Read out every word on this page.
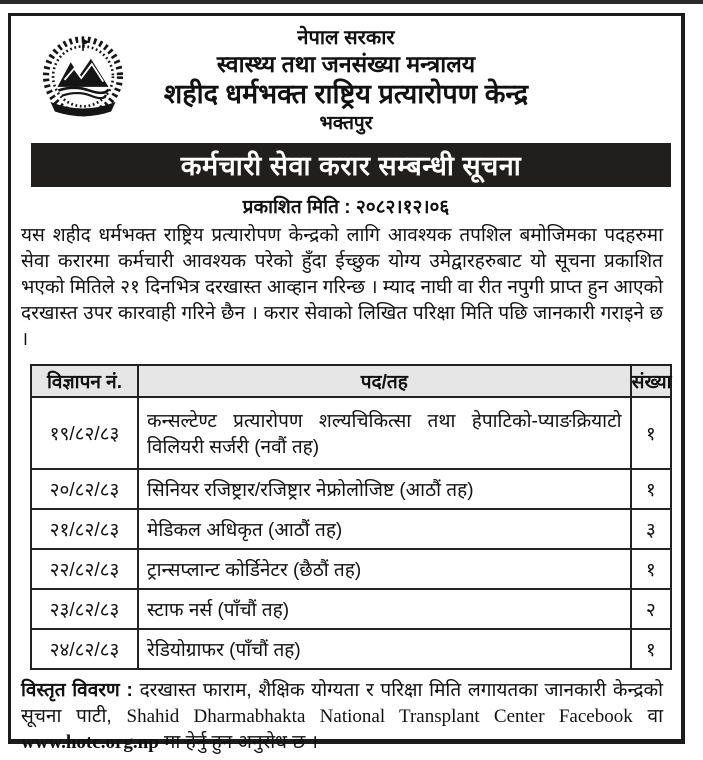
नेपाल सरकार
स्वास्थ्य तथा जनसंख्या मन्त्रालय
शहीद धर्मभक्त राष्ट्रिय प्रत्यारोपण केन्द्र
भक्तपुर
कर्मचारी सेवा करार सम्बन्धी सूचना
प्रकाशित मिति : २०८२।१२।०६

यस शहीद धर्मभक्त राष्ट्रिय प्रत्यारोपण केन्द्रको लागि आवश्यक तपशिल बमोजिमका पदहरुमा सेवा करारमा कर्मचारी आवश्यक परेको हुँदा ईच्छुक योग्य उमेद्वारहरुबाट यो सूचना प्रकाशित भएको मितिले २१ दिनभित्र दरखास्त आव्हान गरिन्छ । म्याद नाघी वा रीत नपुगी प्राप्त हुन आएको दरखास्त उपर कारवाही गरिने छैन । करार सेवाको लिखित परिक्षा मिति पछि जानकारी गराइने छ ।

विज्ञापन नं.	पद/तह	संख्या
१९/८२/८३	कन्सल्टेण्ट प्रत्यारोपण शल्यचिकित्सा तथा हेपाटिको-प्याङक्रियाटो विलियरी सर्जरी (नवौं तह)	१
२०/८२/८३	सिनियर रजिष्ट्रार/रजिष्ट्रार नेफ्रोलोजिष्ट (आठौं तह)	१
२१/८२/८३	मेडिकल अधिकृत (आठौं तह)	३
२२/८२/८३	ट्रान्सप्लान्ट कोर्डिनेटर (छैठौं तह)	१
२३/८२/८३	स्टाफ नर्स (पाँचौं तह)	२
२४/८२/८३	रेडियोग्राफर (पाँचौं तह)	१

विस्तृत विवरण : दरखास्त फाराम, शैक्षिक योग्यता र परिक्षा मिति लगायतका जानकारी केन्द्रको सूचना पाटी, Shahid Dharmabhakta National Transplant Center Facebook वा www.hotc.org.np मा हेर्नु हुन अनुरोध छ ।
